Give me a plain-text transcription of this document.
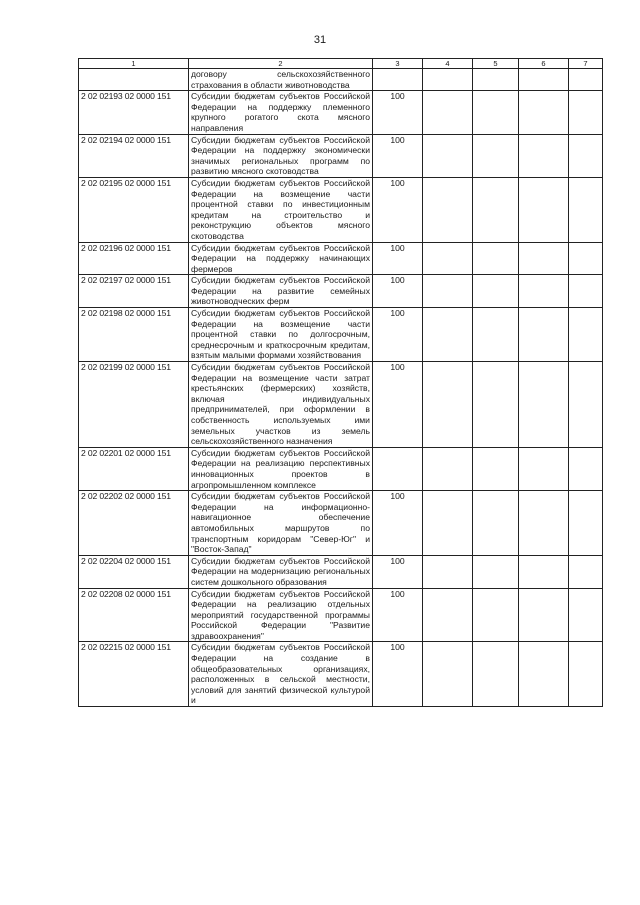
31
1	2	3	4	5	6	7
	договору сельскохозяйственного страхования в области животноводства					
2 02 02193 02 0000 151	Субсидии бюджетам субъектов Российской Федерации на поддержку племенного крупного рогатого скота мясного направления	100				
2 02 02194 02 0000 151	Субсидии бюджетам субъектов Российской Федерации на поддержку экономически значимых региональных программ по развитию мясного скотоводства	100				
2 02 02195 02 0000 151	Субсидии бюджетам субъектов Российской Федерации на возмещение части процентной ставки по инвестиционным кредитам на строительство и реконструкцию объектов мясного скотоводства	100				
2 02 02196 02 0000 151	Субсидии бюджетам субъектов Российской Федерации на поддержку начинающих фермеров	100				
2 02 02197 02 0000 151	Субсидии бюджетам субъектов Российской Федерации на развитие семейных животноводческих ферм	100				
2 02 02198 02 0000 151	Субсидии бюджетам субъектов Российской Федерации на возмещение части процентной ставки по долгосрочным, среднесрочным и краткосрочным кредитам, взятым малыми формами хозяйствования	100				
2 02 02199 02 0000 151	Субсидии бюджетам субъектов Российской Федерации на возмещение части затрат крестьянских (фермерских) хозяйств, включая индивидуальных предпринимателей, при оформлении в собственность используемых ими земельных участков из земель сельскохозяйственного назначения	100				
2 02 02201 02 0000 151	Субсидии бюджетам субъектов Российской Федерации на реализацию перспективных инновационных проектов в агропромышленном комплексе					
2 02 02202 02 0000 151	Субсидии бюджетам субъектов Российской Федерации на информационно-навигационное обеспечение автомобильных маршрутов по транспортным коридорам "Север-Юг" и "Восток-Запад"	100				
2 02 02204 02 0000 151	Субсидии бюджетам субъектов Российской Федерации на модернизацию региональных систем дошкольного образования	100				
2 02 02208 02 0000 151	Субсидии бюджетам субъектов Российской Федерации на реализацию отдельных мероприятий государственной программы Российской Федерации "Развитие здравоохранения"	100				
2 02 02215 02 0000 151	Субсидии бюджетам субъектов Российской Федерации на создание в общеобразовательных организациях, расположенных в сельской местности, условий для занятий физической культурой и	100				
